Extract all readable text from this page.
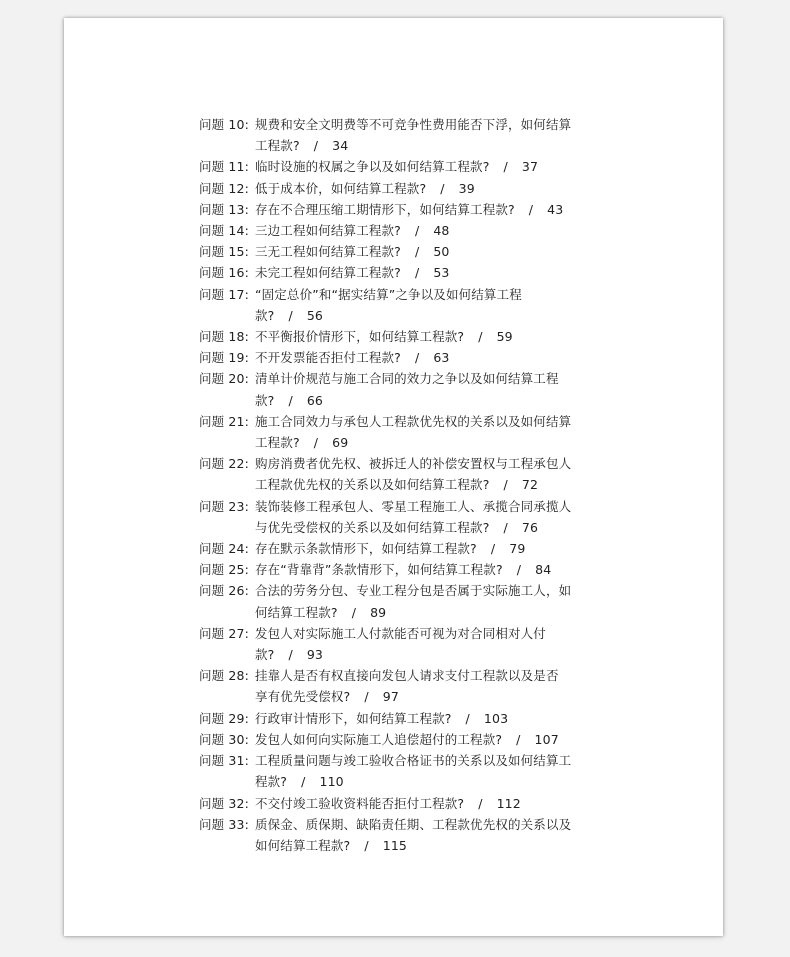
问题 10: 规费和安全文明费等不可竞争性费用能否下浮，如何结算
工程款? / 34
问题 11: 临时设施的权属之争以及如何结算工程款? / 37
问题 12: 低于成本价，如何结算工程款? / 39
问题 13: 存在不合理压缩工期情形下，如何结算工程款? / 43
问题 14: 三边工程如何结算工程款? / 48
问题 15: 三无工程如何结算工程款? / 50
问题 16: 未完工程如何结算工程款? / 53
问题 17: “固定总价”和“据实结算”之争以及如何结算工程
款? / 56
问题 18: 不平衡报价情形下，如何结算工程款? / 59
问题 19: 不开发票能否拒付工程款? / 63
问题 20: 清单计价规范与施工合同的效力之争以及如何结算工程
款? / 66
问题 21: 施工合同效力与承包人工程款优先权的关系以及如何结算
工程款? / 69
问题 22: 购房消费者优先权、被拆迁人的补偿安置权与工程承包人
工程款优先权的关系以及如何结算工程款? / 72
问题 23: 装饰装修工程承包人、零星工程施工人、承揽合同承揽人
与优先受偿权的关系以及如何结算工程款? / 76
问题 24: 存在默示条款情形下，如何结算工程款? / 79
问题 25: 存在“背靠背”条款情形下，如何结算工程款? / 84
问题 26: 合法的劳务分包、专业工程分包是否属于实际施工人，如
何结算工程款? / 89
问题 27: 发包人对实际施工人付款能否可视为对合同相对人付
款? / 93
问题 28: 挂靠人是否有权直接向发包人请求支付工程款以及是否
享有优先受偿权? / 97
问题 29: 行政审计情形下，如何结算工程款? / 103
问题 30: 发包人如何向实际施工人追偿超付的工程款? / 107
问题 31: 工程质量问题与竣工验收合格证书的关系以及如何结算工
程款? / 110
问题 32: 不交付竣工验收资料能否拒付工程款? / 112
问题 33: 质保金、质保期、缺陷责任期、工程款优先权的关系以及
如何结算工程款? / 115
